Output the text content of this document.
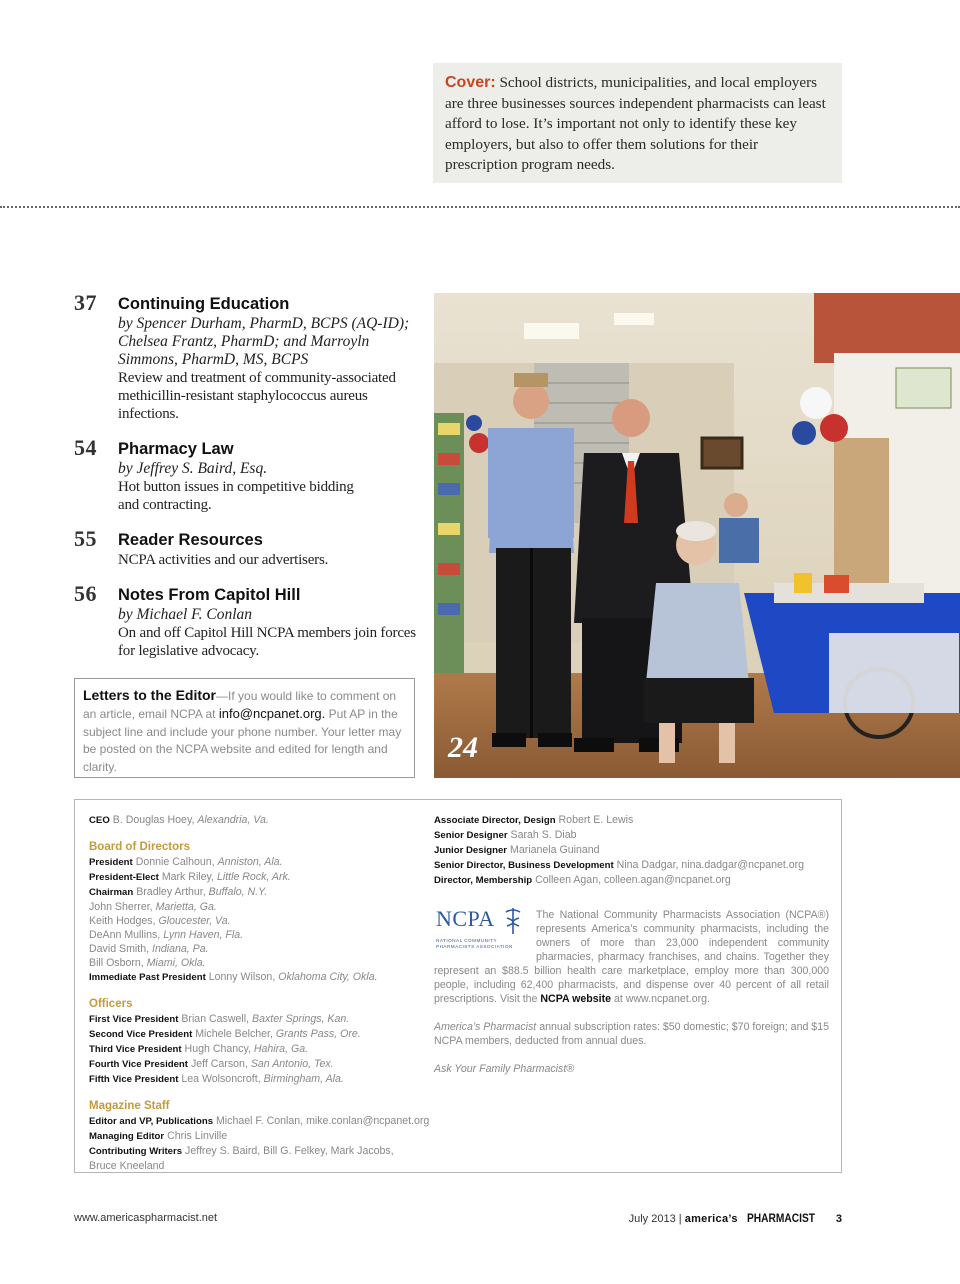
Cover: School districts, municipalities, and local employers are three businesses sources independent pharmacists can least afford to lose. It’s important not only to identify these key employers, but also to offer them solutions for their prescription program needs.
37 Continuing Education
by Spencer Durham, PharmD, BCPS (AQ-ID); Chelsea Frantz, PharmD; and Marroyln Simmons, PharmD, MS, BCPS
Review and treatment of community-associated methicillin-resistant staphylococcus aureus infections.
54 Pharmacy Law
by Jeffrey S. Baird, Esq.
Hot button issues in competitive bidding and contracting.
55 Reader Resources
NCPA activities and our advertisers.
56 Notes From Capitol Hill
by Michael F. Conlan
On and off Capitol Hill NCPA members join forces for legislative advocacy.
Letters to the Editor—If you would like to comment on an article, email NCPA at info@ncpanet.org. Put AP in the subject line and include your phone number. Your letter may be posted on the NCPA website and edited for length and clarity.
24
CEO B. Douglas Hoey, Alexandria, Va.
Board of Directors
President Donnie Calhoun, Anniston, Ala.
President-Elect Mark Riley, Little Rock, Ark.
Chairman Bradley Arthur, Buffalo, N.Y.
John Sherrer, Marietta, Ga.
Keith Hodges, Gloucester, Va.
DeAnn Mullins, Lynn Haven, Fla.
David Smith, Indiana, Pa.
Bill Osborn, Miami, Okla.
Immediate Past President Lonny Wilson, Oklahoma City, Okla.
Officers
First Vice President Brian Caswell, Baxter Springs, Kan.
Second Vice President Michele Belcher, Grants Pass, Ore.
Third Vice President Hugh Chancy, Hahira, Ga.
Fourth Vice President Jeff Carson, San Antonio, Tex.
Fifth Vice President Lea Wolsoncroft, Birmingham, Ala.
Magazine Staff
Editor and VP, Publications Michael F. Conlan, mike.conlan@ncpanet.org
Managing Editor Chris Linville
Contributing Writers Jeffrey S. Baird, Bill G. Felkey, Mark Jacobs,
Bruce Kneeland
Associate Director, Design Robert E. Lewis
Senior Designer Sarah S. Diab
Junior Designer Marianela Guinand
Senior Director, Business Development Nina Dadgar, nina.dadgar@ncpanet.org
Director, Membership Colleen Agan, colleen.agan@ncpanet.org
NCPA
NATIONAL COMMUNITY PHARMACISTS ASSOCIATION
The National Community Pharmacists Association (NCPA®) represents America’s community pharmacists, including the owners of more than 23,000 independent community pharmacies, pharmacy franchises, and chains. Together they represent an $88.5 billion health care marketplace, employ more than 300,000 people, including 62,400 pharmacists, and dispense over 40 percent of all retail prescriptions. Visit the NCPA website at www.ncpanet.org.
America’s Pharmacist annual subscription rates: $50 domestic; $70 foreign; and $15 NCPA members, deducted from annual dues.
Ask Your Family Pharmacist®
www.americaspharmacist.net	July 2013 | america’s PHARMACIST 3
